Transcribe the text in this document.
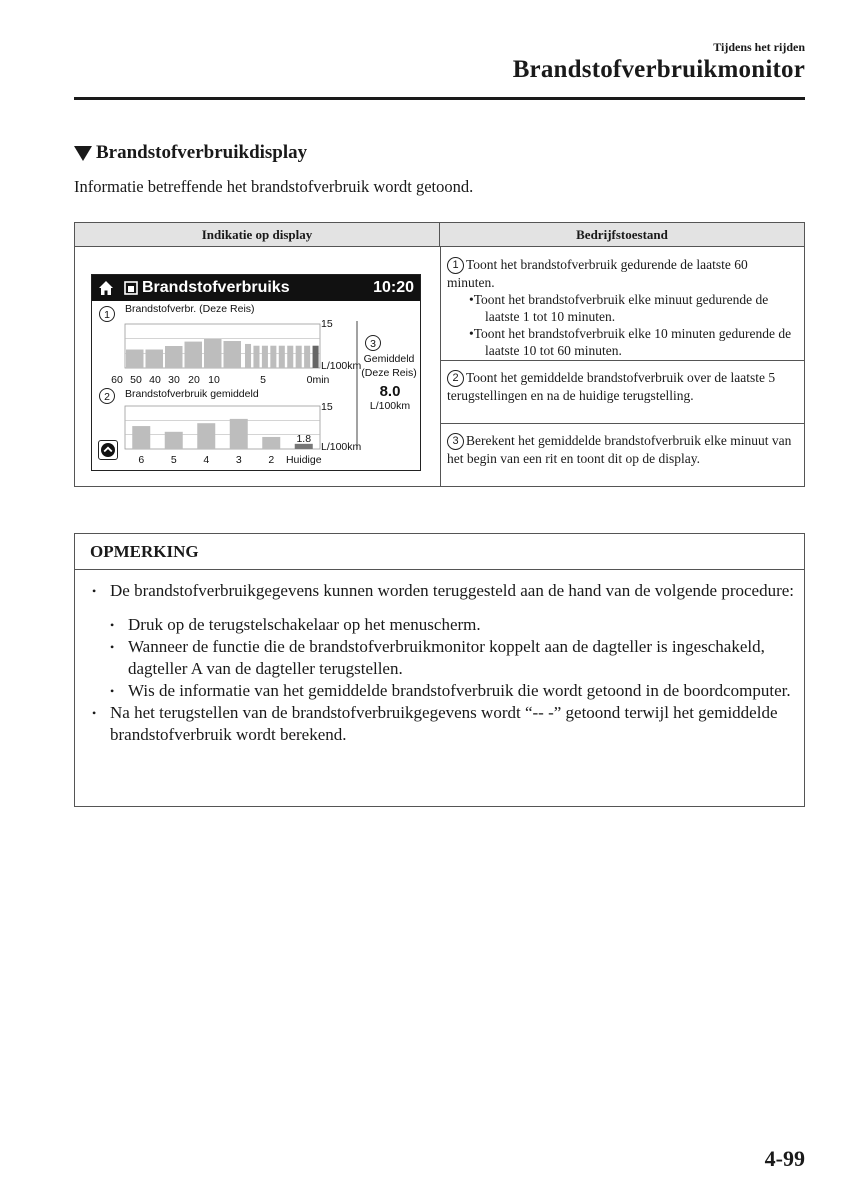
Tijdens het rijden
Brandstofverbruikmonitor
Brandstofverbruikdisplay
Informatie betreffende het brandstofverbruik wordt getoond.
Indikatie op display	Bedrijfstoestand
Brandstofverbruiks	10:20
1 Brandstofverbr. (Deze Reis)
2 Brandstofverbruik gemiddeld
3
Gemiddeld
(Deze Reis)
8.0
L/100km
15
L/100km
60 50 40 30 20 10	5	0min
6	5	4	3	2
1.8
Huidige
15
L/100km
1 Toont het brandstofverbruik gedurende de laatste 60 minuten.
•Toont het brandstofverbruik elke minuut gedurende de laatste 1 tot 10 minuten.
•Toont het brandstofverbruik elke 10 minuten gedurende de laatste 10 tot 60 minuten.
2 Toont het gemiddelde brandstofverbruik over de laatste 5 terugstellingen en na de huidige terugstelling.
3 Berekent het gemiddelde brandstofverbruik elke minuut van het begin van een rit en toont dit op de display.
OPMERKING
• De brandstofverbruikgegevens kunnen worden teruggesteld aan de hand van de volgende procedure:
• Druk op de terugstelschakelaar op het menuscherm.
• Wanneer de functie die de brandstofverbruikmonitor koppelt aan de dagteller is ingeschakeld, dagteller A van de dagteller terugstellen.
• Wis de informatie van het gemiddelde brandstofverbruik die wordt getoond in de boordcomputer.
• Na het terugstellen van de brandstofverbruikgegevens wordt “-- -” getoond terwijl het gemiddelde brandstofverbruik wordt berekend.
4-99
